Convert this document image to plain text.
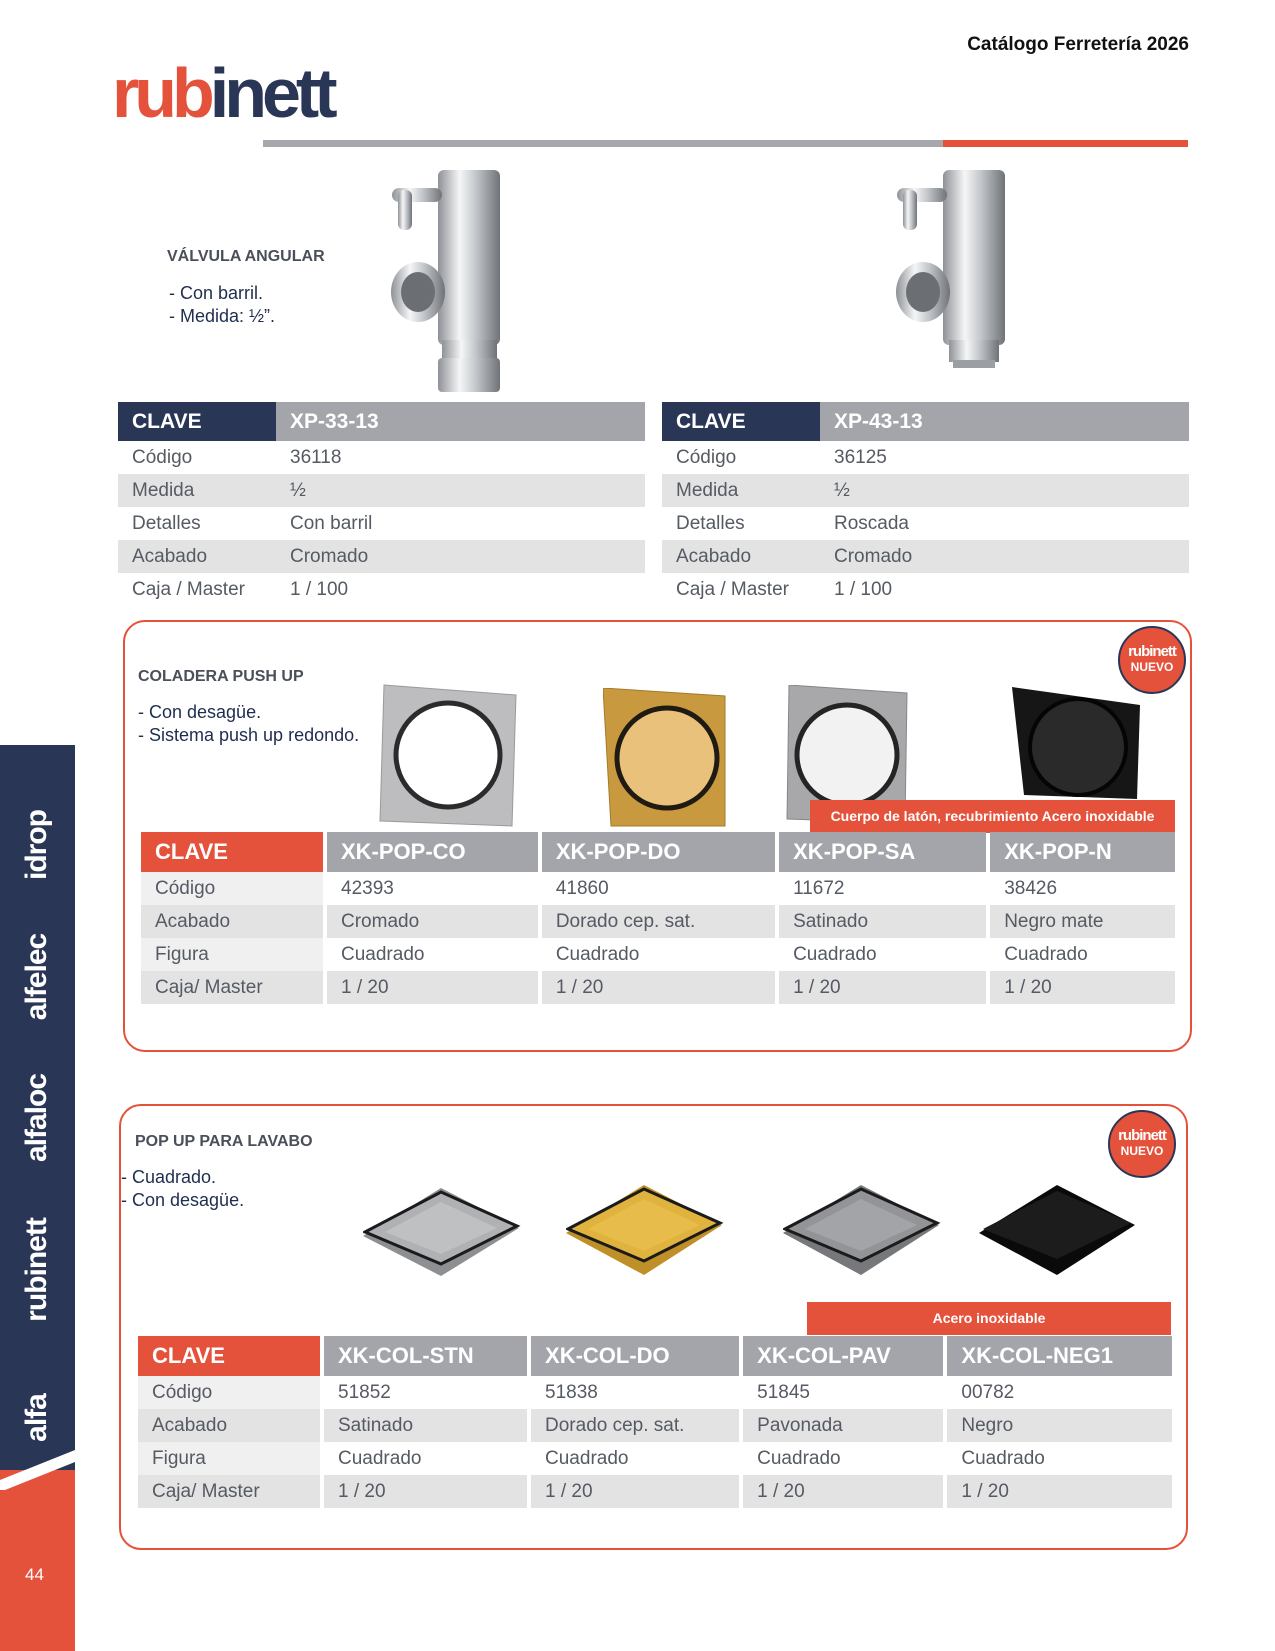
Catálogo Ferretería 2026
rubinett
idrop
alfelec
alfaloc
rubinett
alfa
44
VÁLVULA ANGULAR
- Con barril.
- Medida: ½”.
CLAVE	XP-33-13
Código	36118
Medida	½
Detalles	Con barril
Acabado	Cromado
Caja / Master	1 / 100
CLAVE	XP-43-13
Código	36125
Medida	½
Detalles	Roscada
Acabado	Cromado
Caja / Master	1 / 100
COLADERA PUSH UP
- Con desagüe.
- Sistema push up redondo.
rubinett
NUEVO
Cuerpo de latón, recubrimiento Acero inoxidable
CLAVE	XK-POP-CO	XK-POP-DO	XK-POP-SA	XK-POP-N
Código	42393	41860	11672	38426
Acabado	Cromado	Dorado cep. sat.	Satinado	Negro mate
Figura	Cuadrado	Cuadrado	Cuadrado	Cuadrado
Caja/ Master	1 / 20	1 / 20	1 / 20	1 / 20
POP UP PARA LAVABO
- Cuadrado.
- Con desagüe.
rubinett
NUEVO
Acero inoxidable
CLAVE	XK-COL-STN	XK-COL-DO	XK-COL-PAV	XK-COL-NEG1
Código	51852	51838	51845	00782
Acabado	Satinado	Dorado cep. sat.	Pavonada	Negro
Figura	Cuadrado	Cuadrado	Cuadrado	Cuadrado
Caja/ Master	1 / 20	1 / 20	1 / 20	1 / 20
